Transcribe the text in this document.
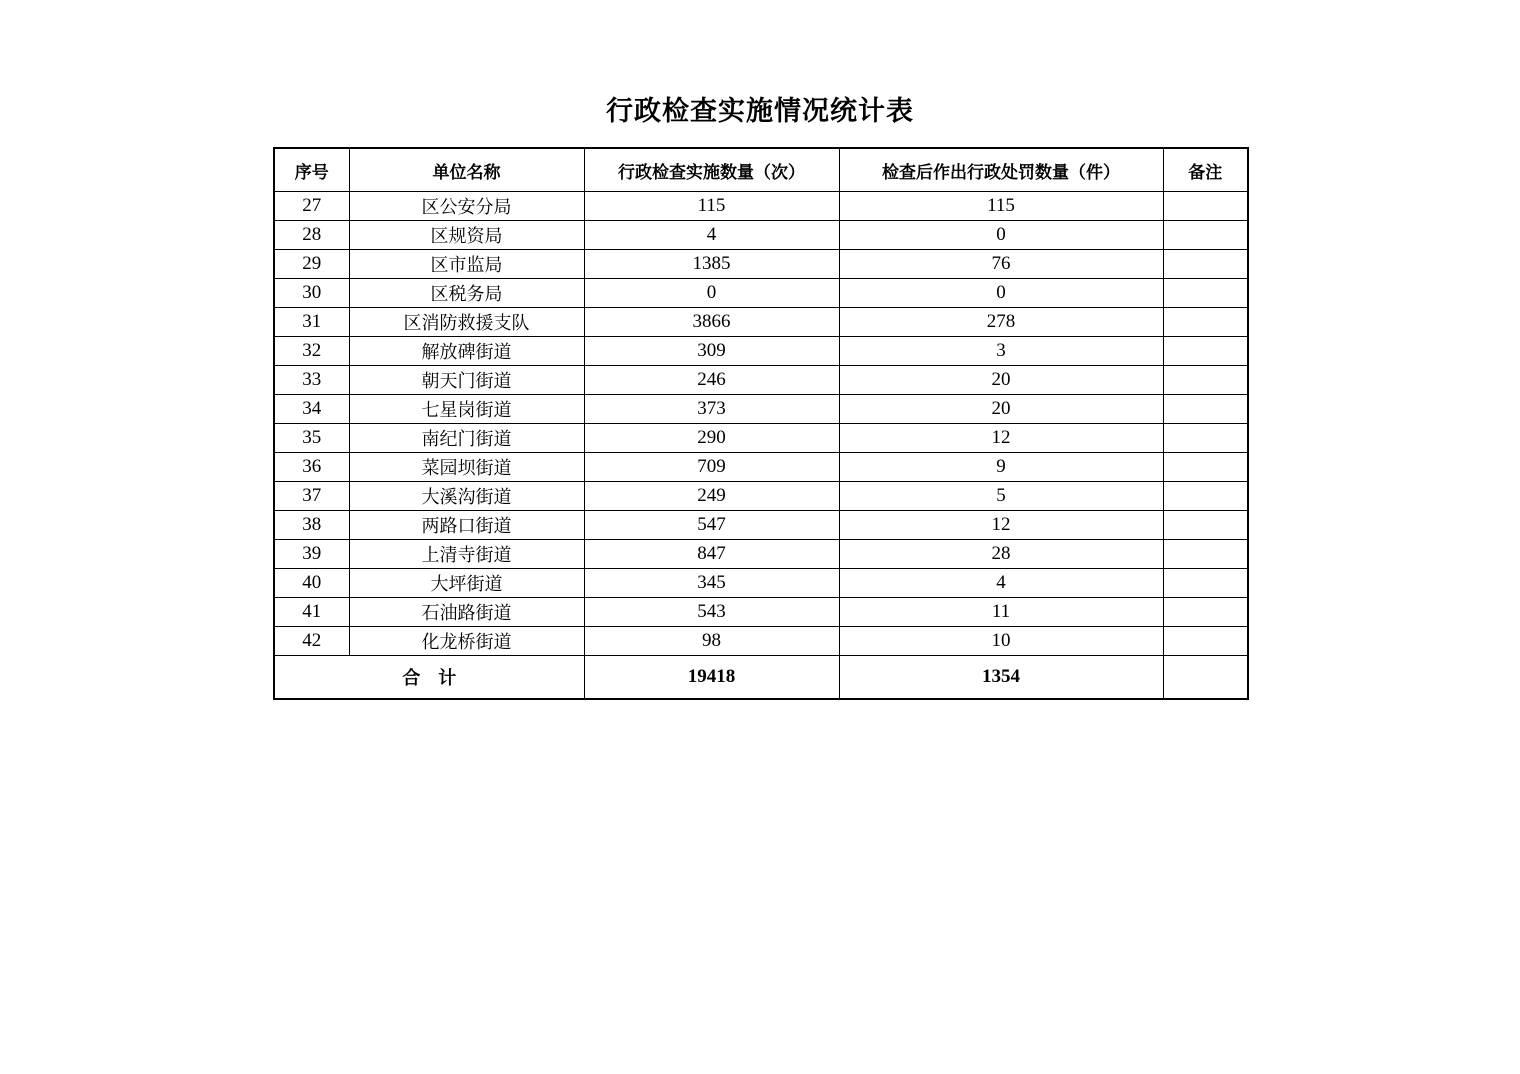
行政检查实施情况统计表
序号	单位名称	行政检查实施数量（次）	检查后作出行政处罚数量（件）	备注
27	区公安分局	115	115	
28	区规资局	4	0	
29	区市监局	1385	76	
30	区税务局	0	0	
31	区消防救援支队	3866	278	
32	解放碑街道	309	3	
33	朝天门街道	246	20	
34	七星岗街道	373	20	
35	南纪门街道	290	12	
36	菜园坝街道	709	9	
37	大溪沟街道	249	5	
38	两路口街道	547	12	
39	上清寺街道	847	28	
40	大坪街道	345	4	
41	石油路街道	543	11	
42	化龙桥街道	98	10	
合　计		19418	1354	
